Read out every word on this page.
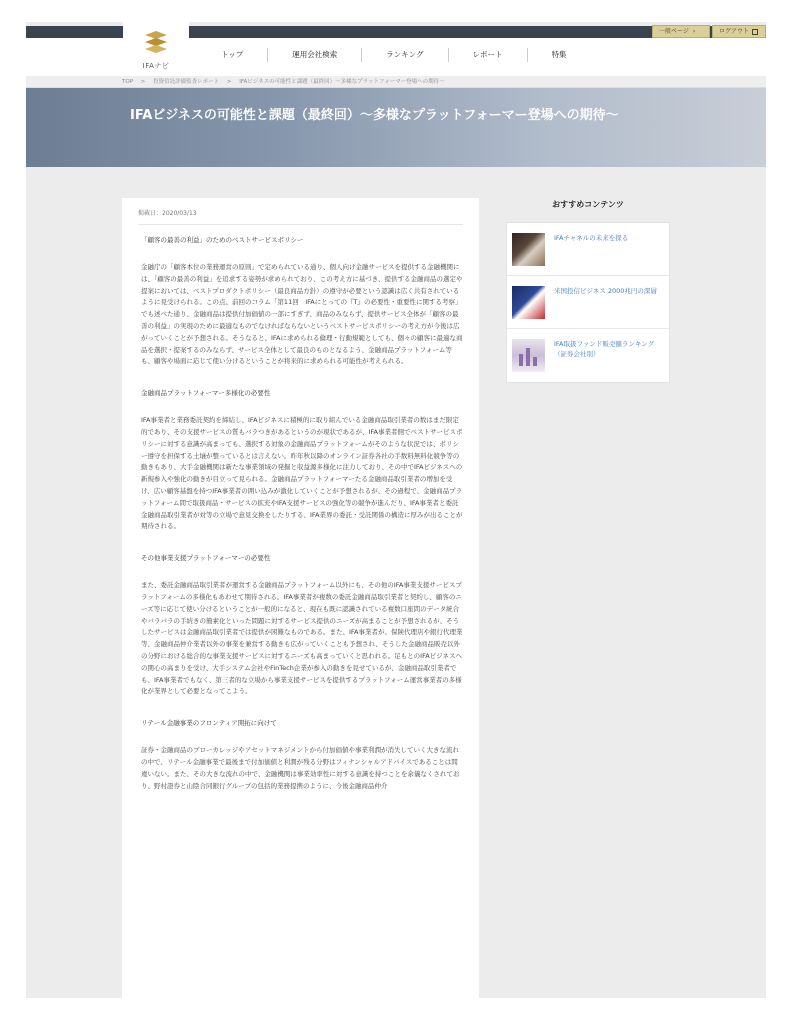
一般ページ ›	ログアウト
トップ	運用会社検索	ランキング	レポート	特集
IFAナビ
TOP > 投資信託評価監査レポート > IFAビジネスの可能性と課題（最終回）～多様なプラットフォーマー登場への期待～
IFAビジネスの可能性と課題（最終回）～多様なプラットフォーマー登場への期待～
掲載日：2020/03/13
「顧客の最善の利益」のためのベストサービスポリシー
金融庁の「顧客本位の業務運営の原則」で定められている通り、個人向け金融サービスを提供する金融機関には、「顧客の最善の利益」を追求する姿勢が求められており、この考え方に基づき、提供する金融商品の選定や提案においては、ベストプロダクトポリシー（最良商品方針）の遵守が必要という認識は広く共有されているように見受けられる。この点、前回のコラム「第11回　IFAにとっての『T』の必要性・重要性に関する考察」でも述べた通り、金融商品は提供付加価値の一部にすぎず、商品のみならず、提供サービス全体が「顧客の最善の利益」の実現のために最適なものでなければならないというベストサービスポリシーの考え方が今後は広がっていくことが予想される。そうなると、IFAに求められる倫理・行動規範としても、個々の顧客に最適な商品を選択・提案するのみならず、サービス全体として最良のものとなるよう、金融商品プラットフォーム等も、顧客や場面に応じて使い分けるということが将来的に求められる可能性が考えられる。
金融商品プラットフォーマー多様化の必要性
IFA事業者と業務委託契約を締結し、IFAビジネスに積極的に取り組んでいる金融商品取引業者の数はまだ限定的であり、その支援サービスの質もバラつきがあるというのが現状であるが、IFA事業者側でベストサービスポリシーに対する意識が高まっても、選択する対象の金融商品プラットフォームがそのような状況では、ポリシー遵守を担保する土壌が整っているとは言えない。昨年秋以降のオンライン証券各社の手数料無料化競争等の動きもあり、大手金融機関は新たな事業領域の発掘と収益源多様化に注力しており、その中でIFAビジネスへの新規参入や強化の動きが目立って見られる。金融商品プラットフォーマーたる金融商品取引業者の増加を受け、広い顧客基盤を持つIFA事業者の囲い込みが激化していくことが予想されるが、その過程で、金融商品プラットフォーム間で取扱商品・サービスの拡充やIFA支援サービスの強化等の競争が進んだり、IFA事業者と委託金融商品取引業者が対等の立場で意見交換をしたりする、IFA業界の委託・受託関係の構造に厚みが出ることが期待される。
その他事業支援プラットフォーマーの必要性
また、委託金融商品取引業者が運営する金融商品プラットフォーム以外にも、その他のIFA事業支援サービスプラットフォームの多様化もあわせて期待される。IFA事業者が複数の委託金融商品取引業者と契約し、顧客のニーズ等に応じて使い分けるということが一般的になると、現在も既に認識されている複数口座間のデータ統合やバラバラの手続きの簡素化といった問題に対するサービス提供のニーズが高まることが予想されるが、そうしたサービスは金融商品取引業者では提供が困難なものである。また、IFA事業者が、保険代理店や銀行代理業等、金融商品仲介業者以外の事業を兼営する動きも広がっていくことも予想され、そうした金融商品販売以外の分野における総合的な事業支援サービスに対するニーズも高まっていくと思われる。足もとのIFAビジネスへの関心の高まりを受け、大手システム会社やFinTech企業が参入の動きを見せているが、金融商品取引業者でも、IFA事業者でもなく、第三者的な立場から事業支援サービスを提供するプラットフォーム運営事業者の多様化が業界として必要となってこよう。
リテール金融事業のフロンティア開拓に向けて
証券・金融商品のブローカレッジやアセットマネジメントから付加価値や事業利潤が消失していく大きな流れの中で、リテール金融事業で最後まで付加価値と利潤が残る分野はフィナンシャルアドバイスであることは間違いない。また、その大きな流れの中で、金融機関は事業効率性に対する意識を持つことを余儀なくされており、野村證券と山陰合同銀行グループの包括的業務提携のように、今後金融商品仲介
おすすめコンテンツ
IFAチャネルの未来を探る
米国投信ビジネス 2000兆円の深層
IFA取扱ファンド販売額ランキング（証券会社別）
